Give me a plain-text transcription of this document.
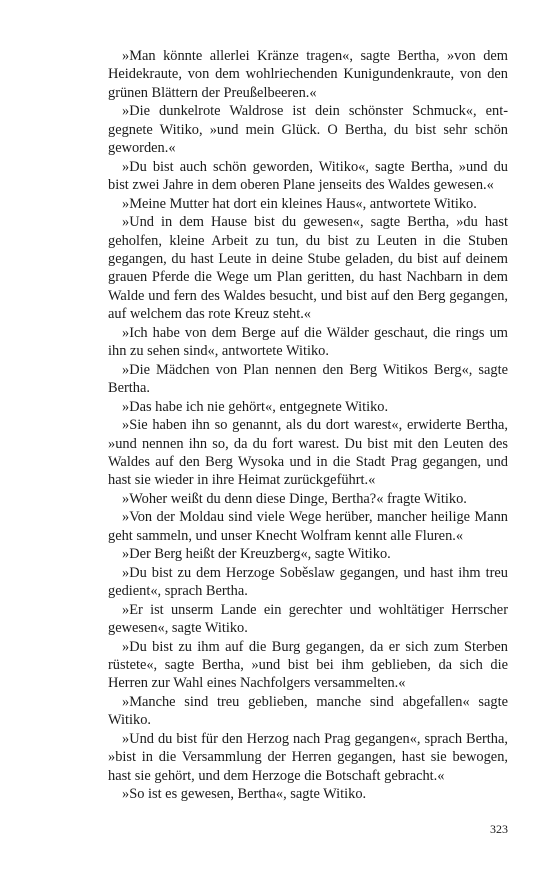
»Man könnte allerlei Kränze tragen«, sagte Bertha, »von dem Heidekraute, von dem wohlriechenden Kunigundenkraute, von den grünen Blättern der Preußelbeeren.«

»Die dunkelrote Waldrose ist dein schönster Schmuck«, entgegnete Witiko, »und mein Glück. O Bertha, du bist sehr schön geworden.«

»Du bist auch schön geworden, Witiko«, sagte Bertha, »und du bist zwei Jahre in dem oberen Plane jenseits des Waldes gewesen.«

»Meine Mutter hat dort ein kleines Haus«, antwortete Witiko.

»Und in dem Hause bist du gewesen«, sagte Bertha, »du hast geholfen, kleine Arbeit zu tun, du bist zu Leuten in die Stuben gegangen, du hast Leute in deine Stube geladen, du bist auf deinem grauen Pferde die Wege um Plan geritten, du hast Nachbarn in dem Walde und fern des Waldes besucht, und bist auf den Berg gegangen, auf welchem das rote Kreuz steht.«

»Ich habe von dem Berge auf die Wälder geschaut, die rings um ihn zu sehen sind«, antwortete Witiko.

»Die Mädchen von Plan nennen den Berg Witikos Berg«, sagte Bertha.

»Das habe ich nie gehört«, entgegnete Witiko.

»Sie haben ihn so genannt, als du dort warest«, erwiderte Bertha, »und nennen ihn so, da du fort warest. Du bist mit den Leuten des Waldes auf den Berg Wysoka und in die Stadt Prag gegangen, und hast sie wieder in ihre Heimat zurückgeführt.«

»Woher weißt du denn diese Dinge, Bertha?« fragte Witiko.

»Von der Moldau sind viele Wege herüber, mancher heilige Mann geht sammeln, und unser Knecht Wolfram kennt alle Fluren.«

»Der Berg heißt der Kreuzberg«, sagte Witiko.

»Du bist zu dem Herzoge Soběslaw gegangen, und hast ihm treu gedient«, sprach Bertha.

»Er ist unserm Lande ein gerechter und wohltätiger Herrscher gewesen«, sagte Witiko.

»Du bist zu ihm auf die Burg gegangen, da er sich zum Sterben rüstete«, sagte Bertha, »und bist bei ihm geblieben, da sich die Herren zur Wahl eines Nachfolgers versammelten.«

»Manche sind treu geblieben, manche sind abgefallen« sagte Witiko.

»Und du bist für den Herzog nach Prag gegangen«, sprach Bertha, »bist in die Versammlung der Herren gegangen, hast sie bewogen, hast sie gehört, und dem Herzoge die Botschaft gebracht.«

»So ist es gewesen, Bertha«, sagte Witiko.

323
